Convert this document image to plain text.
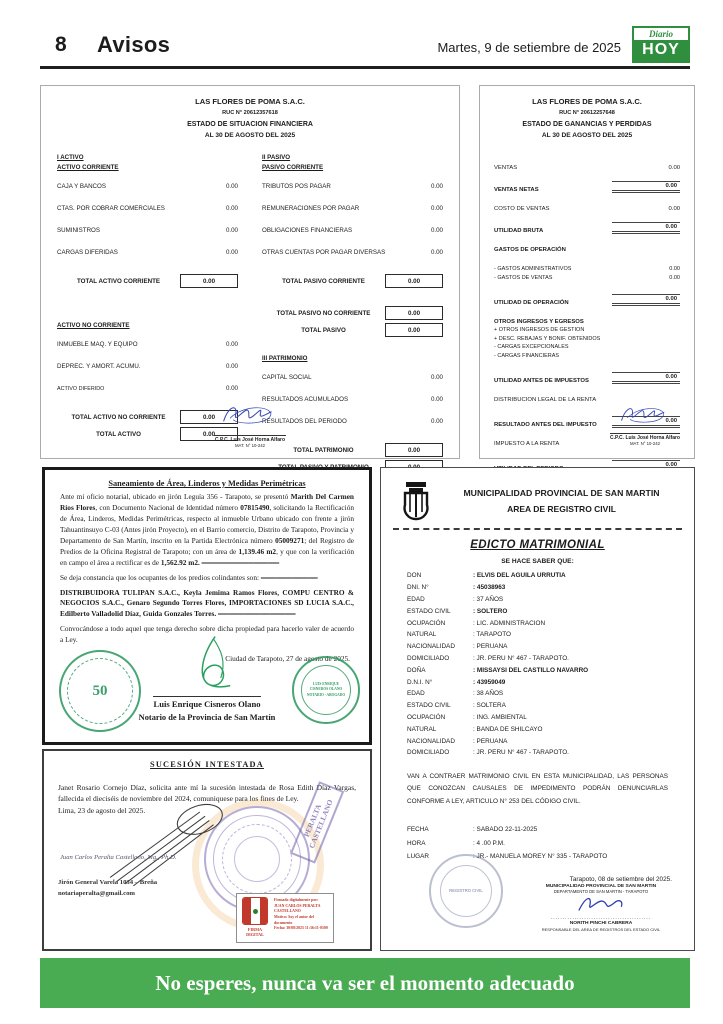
8 Avisos	Martes, 9 de setiembre de 2025
Diario
HOY
LAS FLORES DE POMA S.A.C.
RUC N° 20612357618
ESTADO DE SITUACION FINANCIERA
AL 30 DE AGOSTO DEL 2025
I ACTIVO
ACTIVO CORRIENTE
CAJA Y BANCOS	0.00
CTAS. POR COBRAR COMERCIALES	0.00
SUMINISTROS	0.00
CARGAS DIFERIDAS	0.00
TOTAL ACTIVO CORRIENTE	0.00
ACTIVO NO CORRIENTE
INMUEBLE MAQ. Y EQUIPO	0.00
DEPREC. Y AMORT. ACUMU.	0.00
ACTIVO DIFERIDO	0.00
TOTAL ACTIVO NO CORRIENTE	0.00
TOTAL ACTIVO	0.00
II PASIVO
PASIVO CORRIENTE
TRIBUTOS POS PAGAR	0.00
REMUNERACIONES POR PAGAR	0.00
OBLIGACIONES FINANCIERAS	0.00
OTRAS CUENTAS POR PAGAR DIVERSAS	0.00
TOTAL PASIVO CORRIENTE	0.00
TOTAL PASIVO NO CORRIENTE	0.00
TOTAL PASIVO	0.00
III PATRIMONIO
CAPITAL SOCIAL	0.00
RESULTADOS ACUMULADOS	0.00
RESULTADOS DEL PERIODO	0.00
TOTAL PATRIMONIO	0.00
C.P.C. Luis José Horna Alfaro
MAT. N° 10-242
LAS FLORES DE POMA S.A.C.
RUC N° 20612257648
ESTADO DE GANANCIAS Y PERDIDAS
AL 30 DE AGOSTO DEL 2025
VENTAS	0.00
VENTAS NETAS
0.00
COSTO DE VENTAS	0.00
UTILIDAD BRUTA
0.00
GASTOS DE OPERACIÓN
- GASTOS ADMINISTRATIVOS	0.00
- GASTOS DE VENTAS	0.00
UTILIDAD DE OPERACIÓN
0.00
OTROS INGRESOS Y EGRESOS
+ OTROS INGRESOS DE GESTION
+ DESC. REBAJAS Y BONIF. OBTENIDOS
- CARGAS EXCEPCIONALES
- CARGAS FINANCIERAS
UTILIDAD ANTES DE IMPUESTOS
0.00
DISTRIBUCION LEGAL DE LA RENTA
RESULTADO ANTES DEL IMPUESTO
0.00
IMPUESTO A LA RENTA
0.00
C.P.C. Luis José Horna Alfaro
MAT. N° 10-242
Saneamiento de Área, Linderos y Medidas Perimétricas
Ante mi oficio notarial, ubicado en jirón Leguía 356 - Tarapoto, se presentó Marith Del Carmen Ríos Flores, con Documento Nacional de Identidad número 07815490, solicitando la Rectificación de Área, Linderos, Medidas Perimétricas, respecto al inmueble Urbano ubicado con frente a jirón Tahuantinsuyo C-03 (Antes jirón Proyecto), en el Barrio comercio, Distrito de Tarapoto, Provincia y Departamento de San Martín, inscrito en la Partida Electrónica número 05009271; del Registro de Predios de la Oficina Registral de Tarapoto; con un área de 1,139.46 m2, y que con la verificación en campo el área a rectificar es de 1,562.92 m2. ═══════════════
Se deja constancia que los ocupantes de los predios colindantes son: ═══════════
DISTRIBUIDORA TULIPAN S.A.C., Keyla Jemima Ramos Flores, COMPU CENTRO & NEGOCIOS S.A.C., Genaro Segundo Torres Flores, IMPORTACIONES SD LUCIA S.A.C., Edilberto Valladolid Díaz, Guida Gonzales Torres. ═══════════════
Convocándose a todo aquel que tenga derecho sobre dicha propiedad para hacerlo valer de acuerdo a Ley.
Ciudad de Tarapoto, 27 de agosto de 2025.
50
Luis Enrique Cisneros Olano
Notario de la Provincia de San Martín
LUIS ENRIQUE CISNEROS OLANO
NOTARIO - ABOGADO
SUCESIÓN INTESTADA
Janet Rosario Cornejo Díaz, solicita ante mí la sucesión intestada de Rosa Edith Díaz Vargas, fallecida el dieciséis de noviembre del 2024, comuniquese para los fines de Ley.
Lima, 23 de agosto del 2025.
Juan Carlos Peralta Castellano, Mg., Ph.D.
Jirón General Varela 1034 – Breña
notariaperalta@gmail.com
PERALTA CASTELLANO
FIRMA DIGITAL
Firmado digitalmente por:
JUAN CARLOS PERALTA CASTELLANO
Motivo: Soy el autor del documento
Fecha: 30/08/2025 11:36:11-0500
MUNICIPALIDAD PROVINCIAL DE SAN MARTIN
AREA DE REGISTRO CIVIL
EDICTO MATRIMONIAL
SE HACE SABER QUE:
DON	: ELVIS DEL AGUILA URRUTIA
DNI. N°	: 45038963
EDAD	: 37 AÑOS
ESTADO CIVIL	: SOLTERO
OCUPACIÓN	: LIC. ADMINISTRACION
NATURAL	: TARAPOTO
NACIONALIDAD	: PERUANA
DOMICILIADO	: JR. PERU N° 467 - TARAPOTO.
DOÑA	: MISSAYSI DEL CASTILLO NAVARRO
D.N.I. N°	: 43959049
EDAD	: 38 AÑOS
ESTADO CIVIL	: SOLTERA
OCUPACIÓN	: ING. AMBIENTAL
NATURAL	: BANDA DE SHILCAYO
NACIONALIDAD	: PERUANA
DOMICILIADO	: JR. PERU N° 467 - TARAPOTO.
VAN A CONTRAER MATRIMONIO CIVIL EN ESTA MUNICIPALIDAD, LAS PERSONAS QUE CONOZCAN CAUSALES DE IMPEDIMENTO PODRÁN DENUNCIARLAS CONFORME A LEY, ARTICULO N° 253 DEL CÓDIGO CIVIL.
FECHA	: SABADO 22-11-2025
HORA	: 4 .00 P.M.
LUGAR	: JR.- MANUELA MOREY N° 335 - TARAPOTO
Tarapoto, 08 de setiembre del 2025.
REGISTRO CIVIL
MUNICIPALIDAD PROVINCIAL DE SAN MARTIN
DEPARTAMENTO DE SAN MARTIN - TARAPOTO
..........................................
NORITH PINCHI CABRERA
RESPONSABLE DEL AREA DE REGISTROS DEL ESTADO CIVIL
No esperes, nunca va ser el momento adecuado
